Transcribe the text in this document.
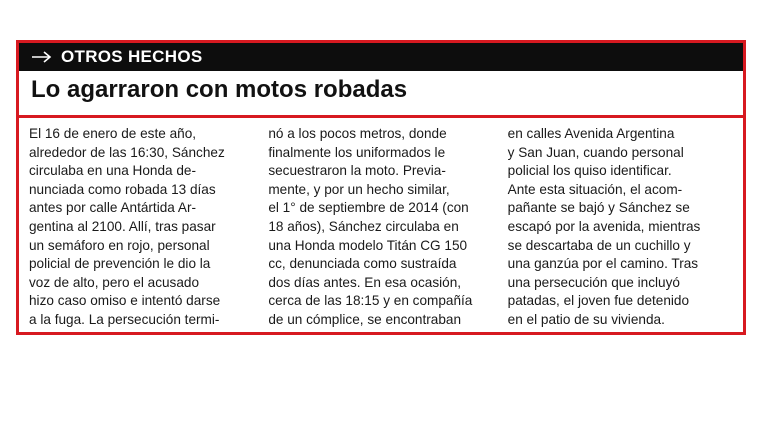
OTROS HECHOS
Lo agarraron con motos robadas
El 16 de enero de este año,
alrededor de las 16:30, Sánchez
circulaba en una Honda de-
nunciada como robada 13 días
antes por calle Antártida Ar-
gentina al 2100. Allí, tras pasar
un semáforo en rojo, personal
policial de prevención le dio la
voz de alto, pero el acusado
hizo caso omiso e intentó darse
a la fuga. La persecución termi-
nó a los pocos metros, donde
finalmente los uniformados le
secuestraron la moto. Previa-
mente, y por un hecho similar,
el 1° de septiembre de 2014 (con
18 años), Sánchez circulaba en
una Honda modelo Titán CG 150
cc, denunciada como sustraída
dos días antes. En esa ocasión,
cerca de las 18:15 y en compañía
de un cómplice, se encontraban
en calles Avenida Argentina
y San Juan, cuando personal
policial los quiso identificar.
Ante esta situación, el acom-
pañante se bajó y Sánchez se
escapó por la avenida, mientras
se descartaba de un cuchillo y
una ganzúa por el camino. Tras
una persecución que incluyó
patadas, el joven fue detenido
en el patio de su vivienda.
